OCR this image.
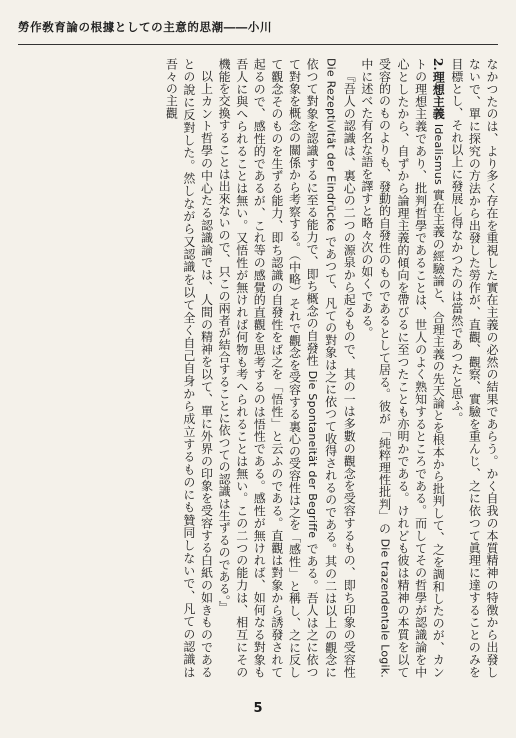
勞作敎育論の根據としての主意的思潮――小川

なかつたのは、より多く存在を重視した實在主義の必然の結果であらう。かく自我の本質精神の特徴から出發しないで、單に探究の方法から出發した勞作が、直觀、觀察、實驗を重んじ、之に依つて眞理に達することのみを目標とし、それ以上に發展し得なかつたのは當然であつたと思ふ。

2.理想主義 Idealismus 實在主義の經驗論と、合理主義の先天論とを根本から批判して、之を調和したのが、カントの理想主義であり、批判哲學であることは、世人のよく熟知するところである。而してその哲學が認識論を中心としたから、自ずから論理主義的傾向を帶びるに至つたことも亦明かである。けれども彼は精神の本質を以て受容的のものよりも、發動的自發性のものであるとして居る。彼が「純粹理性批判」の Die trazendentale Logik. 中に述べた有名な語を譯すと略々次の如くである。

『吾人の認識は、裏心の二つの源泉から起るもので、其の一は多數の觀念を受容するもの、即ち印象の受容性 Die Rezeptivität der Eindrücke であつて、凡ての對象は之に依つて收得されるのである。其の二は以上の觀念に依つて對象を認識するに至る能力で、即ち概念の自發性 Die Spontaneität der Begriffe である。吾人は之に依つて對象を概念の關係から考察する。（中略）それで觀念を受容する裏心の受容性は之を「感性」と稱し、之に反して觀念そのものを生ずる能力、即ち認識の自發性をば之を「悟性」と云ふのである。直觀は對象から誘發されて起るので、感性的であるが、これ等の感覺的直觀を思考するのは悟性である。感性が無ければ、如何なる對象も吾人に與へられることは無い。又悟性が無ければ何物も考へられることは無い。この二つの能力は、相互にその機能を交換することは出來ないので、只この兩者が結合することに依つての認識は生ずるのである。』

以上カント哲學の中心たる認識論では、人間の精神を以て、單に外界の印象を受容する白紙の如きものであるとの說に反對した。然しながら又認識を以て全く自己自身から成立するものにも贊同しないで、凡ての認識は吾々の主觀

5
